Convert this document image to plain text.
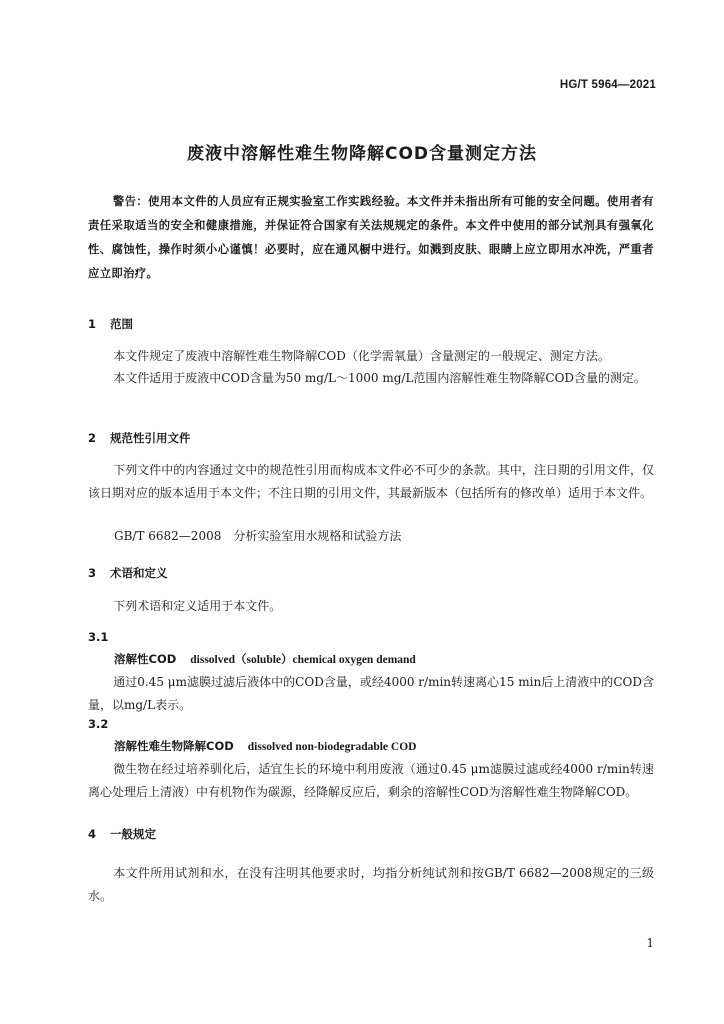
HG/T 5964—2021
废液中溶解性难生物降解COD含量测定方法

警告：使用本文件的人员应有正规实验室工作实践经验。本文件并未指出所有可能的安全问题。使用者有责任采取适当的安全和健康措施，并保证符合国家有关法规规定的条件。本文件中使用的部分试剂具有强氧化性、腐蚀性，操作时须小心谨慎！必要时，应在通风橱中进行。如溅到皮肤、眼睛上应立即用水冲洗，严重者应立即治疗。

1 范围

本文件规定了废液中溶解性难生物降解COD（化学需氧量）含量测定的一般规定、测定方法。

本文件适用于废液中COD含量为50 mg/L～1000 mg/L范围内溶解性难生物降解COD含量的测定。

2 规范性引用文件

下列文件中的内容通过文中的规范性引用而构成本文件必不可少的条款。其中，注日期的引用文件，仅该日期对应的版本适用于本文件；不注日期的引用文件，其最新版本（包括所有的修改单）适用于本文件。

GB/T 6682—2008　分析实验室用水规格和试验方法

3 术语和定义

下列术语和定义适用于本文件。

3.1
溶解性COD dissolved（soluble）chemical oxygen demand

通过0.45 μm滤膜过滤后液体中的COD含量，或经4000 r/min转速离心15 min后上清液中的COD含量，以mg/L表示。

3.2
溶解性难生物降解COD dissolved non-biodegradable COD

微生物在经过培养驯化后，适宜生长的环境中利用废液（通过0.45 μm滤膜过滤或经4000 r/min转速离心处理后上清液）中有机物作为碳源，经降解反应后，剩余的溶解性COD为溶解性难生物降解COD。

4 一般规定

本文件所用试剂和水，在没有注明其他要求时，均指分析纯试剂和按GB/T 6682—2008规定的三级水。

1
